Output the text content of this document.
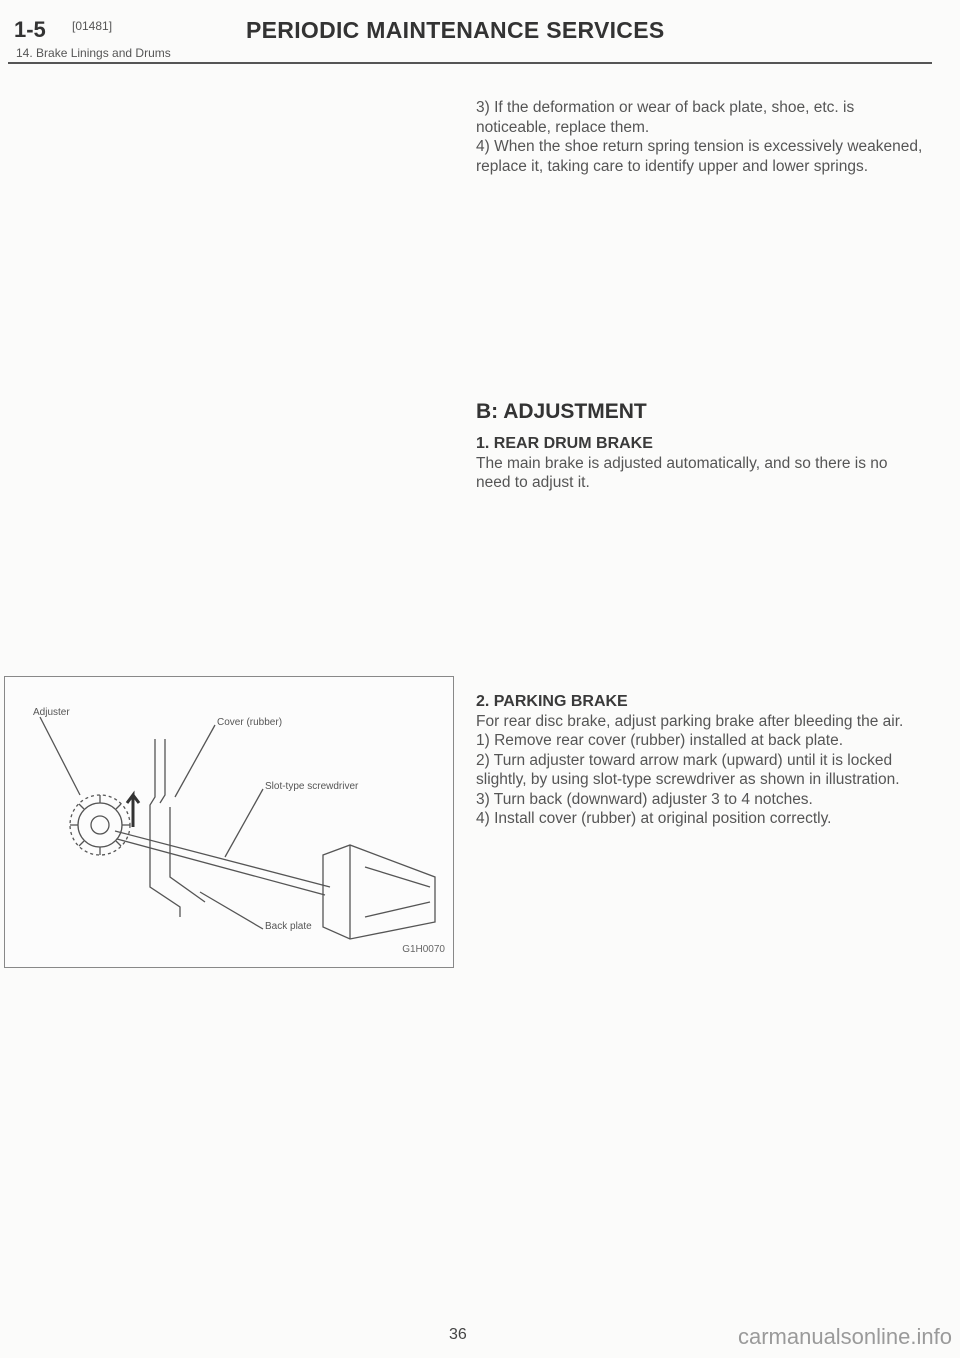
1-5 [01481]	PERIODIC MAINTENANCE SERVICES
14. Brake Linings and Drums

3) If the deformation or wear of back plate, shoe, etc. is noticeable, replace them.

4) When the shoe return spring tension is excessively weakened, replace it, taking care to identify upper and lower springs.

B: ADJUSTMENT

1. REAR DRUM BRAKE

The main brake is adjusted automatically, and so there is no need to adjust it.

2. PARKING BRAKE

For rear disc brake, adjust parking brake after bleeding the air.

1) Remove rear cover (rubber) installed at back plate.

2) Turn adjuster toward arrow mark (upward) until it is locked slightly, by using slot-type screwdriver as shown in illustration.

3) Turn back (downward) adjuster 3 to 4 notches.

4) Install cover (rubber) at original position correctly.

Adjuster
Cover (rubber)
Slot-type screwdriver
Back plate
G1H0070
36	carmanualsonline.info
